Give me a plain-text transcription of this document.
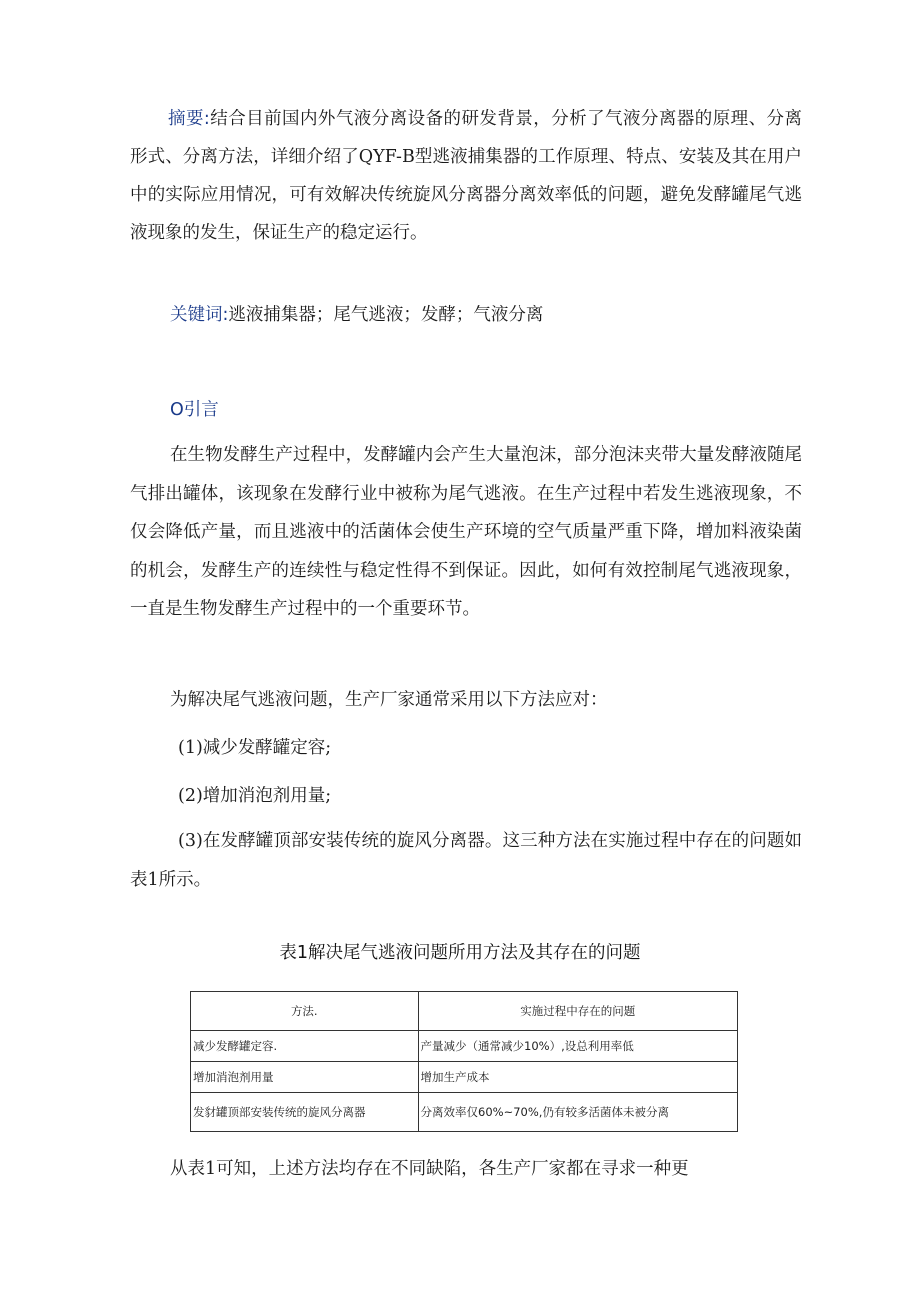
摘要:结合目前国内外气液分离设备的研发背景，分析了气液分离器的原理、分离形式、分离方法，详细介绍了QYF-B型逃液捕集器的工作原理、特点、安装及其在用户中的实际应用情况，可有效解决传统旋风分离器分离效率低的问题，避免发酵罐尾气逃液现象的发生，保证生产的稳定运行。

关键词:逃液捕集器；尾气逃液；发酵；气液分离

O引言

在生物发酵生产过程中，发酵罐内会产生大量泡沫，部分泡沫夹带大量发酵液随尾气排出罐体，该现象在发酵行业中被称为尾气逃液。在生产过程中若发生逃液现象，不仅会降低产量，而且逃液中的活菌体会使生产环境的空气质量严重下降，增加料液染菌的机会，发酵生产的连续性与稳定性得不到保证。因此，如何有效控制尾气逃液现象，一直是生物发酵生产过程中的一个重要环节。

为解决尾气逃液问题，生产厂家通常采用以下方法应对：

(1)减少发酵罐定容;

(2)增加消泡剂用量;

(3)在发酵罐顶部安装传统的旋风分离器。这三种方法在实施过程中存在的问题如表1所示。

表1解决尾气逃液问题所用方法及其存在的问题
方法.	实施过程中存在的问题
减少发酵罐定容.	产量减少（通常减少10%）,设总利用率低
增加消泡剂用量	增加生产成本
发豺罐顶部安装传统的旋风分离器	分离效率仅60%~70%,仍有较多活菌体未被分离

从表1可知，上述方法均存在不同缺陷，各生产厂家都在寻求一种更
